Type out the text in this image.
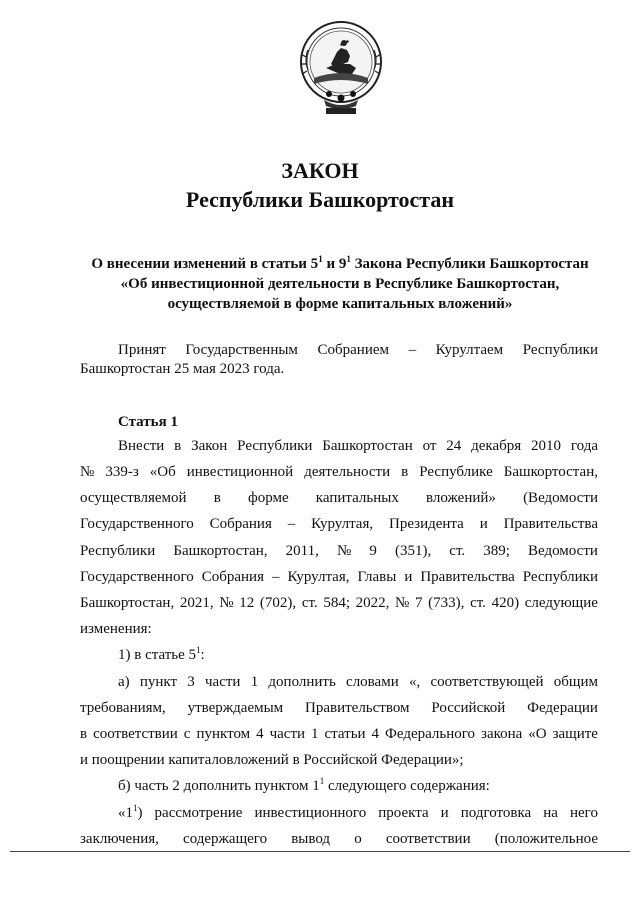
ЗАКОН
Республики Башкортостан
О внесении изменений в статьи $5^1$ и $9^1$ Закона Республики Башкортостан
«Об инвестиционной деятельности в Республике Башкортостан,
осуществляемой в форме капитальных вложений»
Принят Государственным Собранием – Курултаем Республики
Башкортостан 25 мая 2023 года.
Статья 1
Внести в Закон Республики Башкортостан от 24 декабря 2010 года
№ 339-з «Об инвестиционной деятельности в Республике Башкортостан,
осуществляемой в форме капитальных вложений» (Ведомости
Государственного Собрания – Курултая, Президента и Правительства
Республики Башкортостан, 2011, № 9 (351), ст. 389; Ведомости
Государственного Собрания – Курултая, Главы и Правительства Республики
Башкортостан, 2021, № 12 (702), ст. 584; 2022, № 7 (733), ст. 420) следующие
изменения:
1) в статье $5^1$:
а) пункт 3 части 1 дополнить словами «, соответствующей общим
требованиям, утверждаемым Правительством Российской Федерации
в соответствии с пунктом 4 части 1 статьи 4 Федерального закона «О защите
и поощрении капиталовложений в Российской Федерации»;
б) часть 2 дополнить пунктом $1^1$ следующего содержания:
«$1^1$) рассмотрение инвестиционного проекта и подготовка на него
заключения, содержащего вывод о соответствии (положительное
